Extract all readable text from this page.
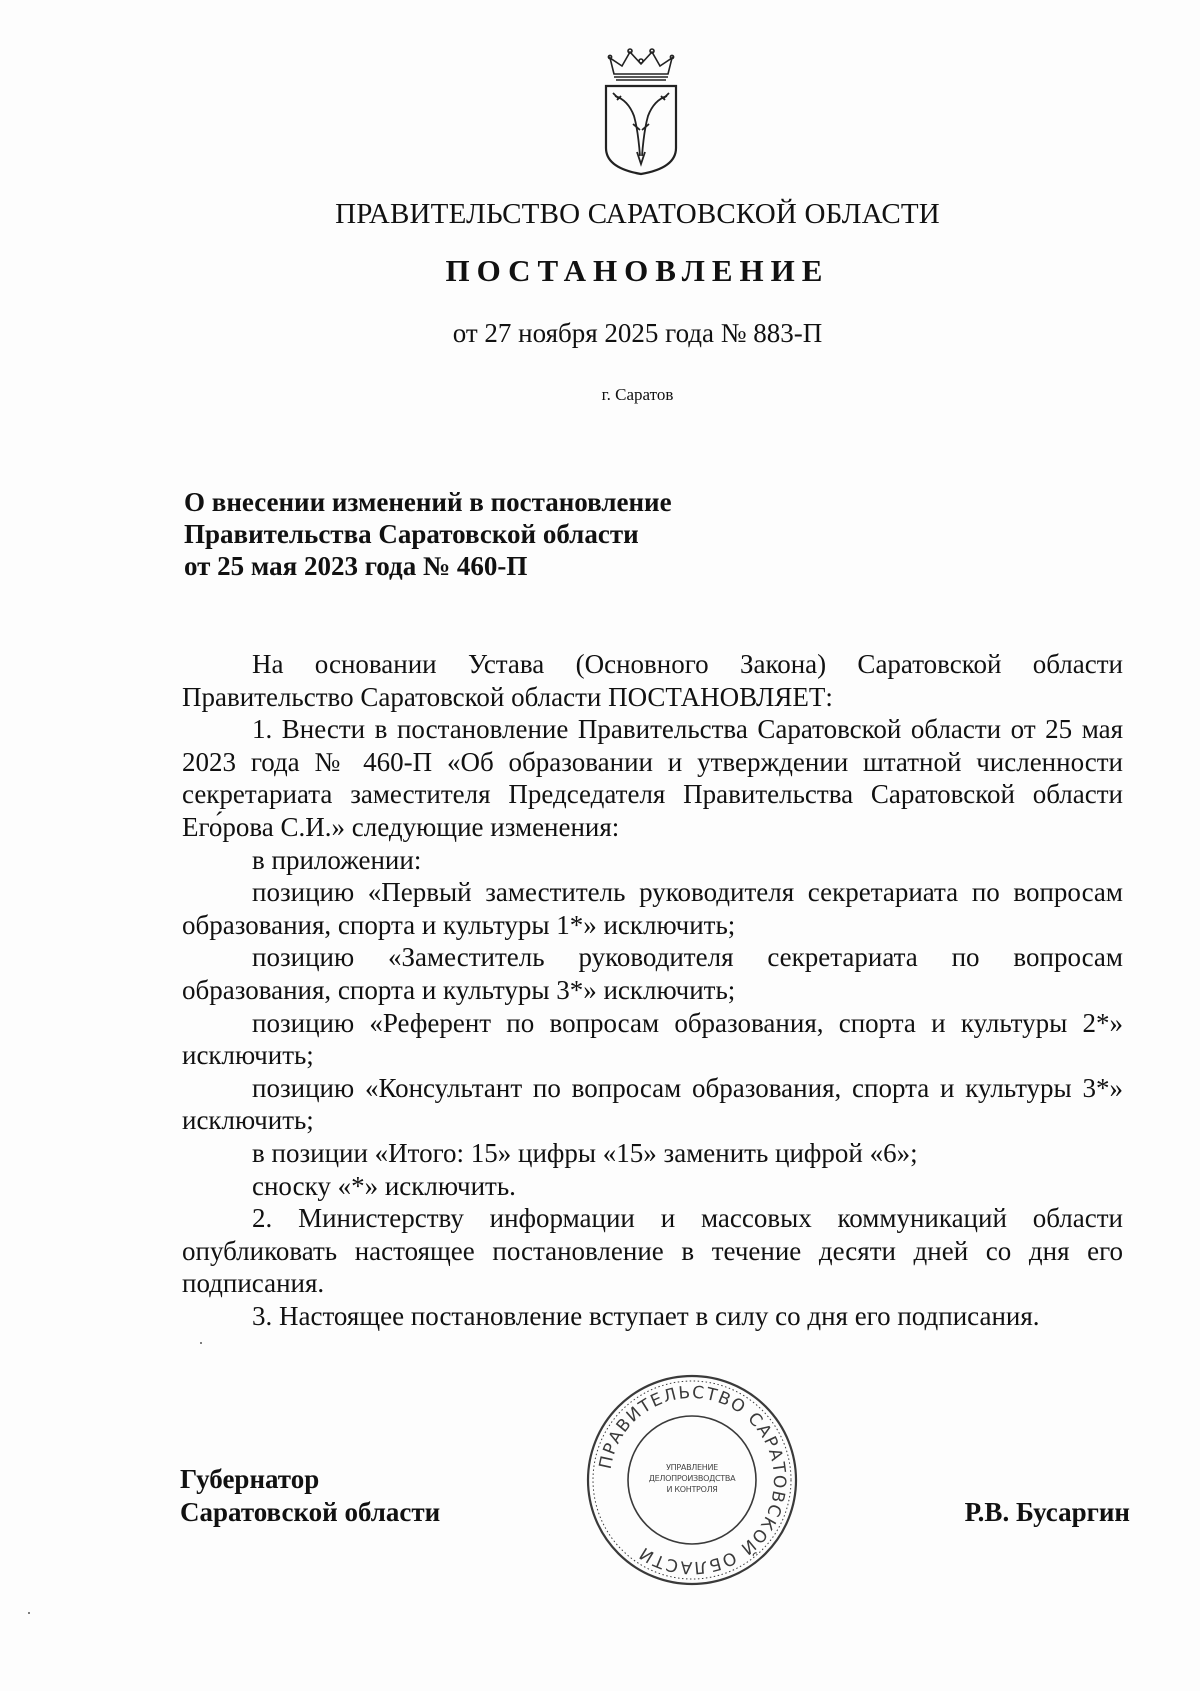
ПРАВИТЕЛЬСТВО САРАТОВСКОЙ ОБЛАСТИ
ПОСТАНОВЛЕНИЕ
от 27 ноября 2025 года № 883-П
г. Саратов
О внесении изменений в постановление
Правительства Саратовской области
от 25 мая 2023 года № 460-П

На основании Устава (Основного Закона) Саратовской области Правительство Саратовской области ПОСТАНОВЛЯЕТ:

1. Внести в постановление Правительства Саратовской области от 25 мая 2023 года № 460-П «Об образовании и утверждении штатной численности секретариата заместителя Председателя Правительства Саратовской области Его́рова С.И.» следующие изменения:

в приложении:

позицию «Первый заместитель руководителя секретариата по вопросам образования, спорта и культуры 1*» исключить;

позицию «Заместитель руководителя секретариата по вопросам образования, спорта и культуры 3*» исключить;

позицию «Референт по вопросам образования, спорта и культуры 2*» исключить;

позицию «Консультант по вопросам образования, спорта и культуры 3*» исключить;

в позиции «Итого: 15» цифры «15» заменить цифрой «6»;

сноску «*» исключить.

2. Министерству информации и массовых коммуникаций области опубликовать настоящее постановление в течение десяти дней со дня его подписания.

3. Настоящее постановление вступает в силу со дня его подписания.

Губернатор
Саратовской области
ПРАВИТЕЛЬСТВО САРАТОВСКОЙ ОБЛАСТИ
УПРАВЛЕНИЕ
ДЕЛОПРОИЗВОДСТВА
И КОНТРОЛЯ
Р.В. Бусаргин
